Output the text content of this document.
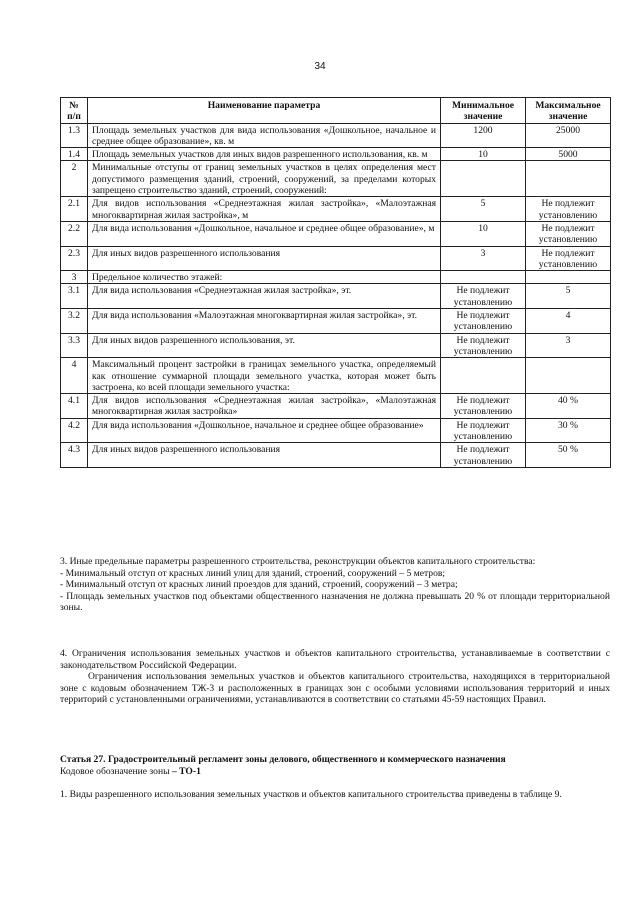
34
№ п/п	Наименование параметра	Минимальное значение	Максимальное значение
1.3	Площадь земельных участков для вида использования «Дошкольное, начальное и среднее общее образование», кв. м	1200	25000
1.4	Площадь земельных участков для иных видов разрешенного использования, кв. м	10	5000
2	Минимальные отступы от границ земельных участков в целях определения мест допустимого размещения зданий, строений, сооружений, за пределами которых запрещено строительство зданий, строений, сооружений:		
2.1	Для видов использования «Среднеэтажная жилая застройка», «Малоэтажная многоквартирная жилая застройка», м	5	Не подлежит установлению
2.2	Для вида использования «Дошкольное, начальное и среднее общее образование», м	10	Не подлежит установлению
2.3	Для иных видов разрешенного использования	3	Не подлежит установлению
3	Предельное количество этажей:		
3.1	Для вида использования «Среднеэтажная жилая застройка», эт.	Не подлежит установлению	5
3.2	Для вида использования «Малоэтажная многоквартирная жилая застройка», эт.	Не подлежит установлению	4
3.3	Для иных видов разрешенного использования, эт.	Не подлежит установлению	3
4	Максимальный процент застройки в границах земельного участка, определяемый как отношение суммарной площади земельного участка, которая может быть застроена, ко всей площади земельного участка:		
4.1	Для видов использования «Среднеэтажная жилая застройка», «Малоэтажная многоквартирная жилая застройка»	Не подлежит установлению	40 %
4.2	Для вида использования «Дошкольное, начальное и среднее общее образование»	Не подлежит установлению	30 %
4.3	Для иных видов разрешенного использования	Не подлежит установлению	50 %

3. Иные предельные параметры разрешенного строительства, реконструкции объектов капитального строительства:

- Минимальный отступ от красных линий улиц для зданий, строений, сооружений – 5 метров;

- Минимальный отступ от красных линий проездов для зданий, строений, сооружений – 3 метра;

- Площадь земельных участков под объектами общественного назначения не должна превышать 20 % от площади территориальной зоны.

4. Ограничения использования земельных участков и объектов капитального строительства, устанавливаемые в соответствии с законодательством Российской Федерации.

Ограничения использования земельных участков и объектов капитального строительства, находящихся в территориальной зоне с кодовым обозначением ТЖ-3 и расположенных в границах зон с особыми условиями использования территорий и иных территорий с установленными ограничениями, устанавливаются в соответствии со статьями 45-59 настоящих Правил.

Статья 27. Градостроительный регламент зоны делового, общественного и коммерческого назначения

Кодовое обозначение зоны – ТО-1

1. Виды разрешенного использования земельных участков и объектов капитального строительства приведены в таблице 9.
